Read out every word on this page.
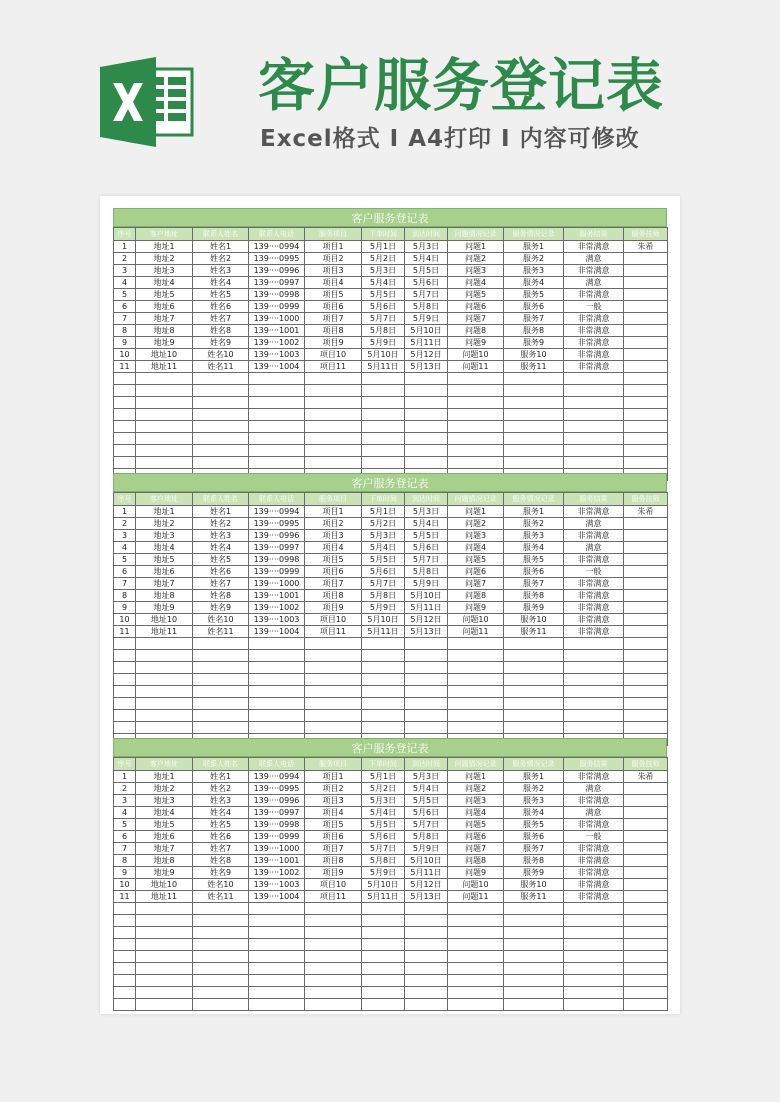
客户服务登记表
Excel格式 I A4打印 I 内容可修改
客户服务登记表
序号	客户地址	联系人姓名	联系人电话	服务项目	下单时间	到达时间	问题情况记录	服务情况记录	服务结果	服务技师
1	地址1	姓名1	139····0994	项目1	5月1日	5月3日	问题1	服务1	非常满意	朱希
2	地址2	姓名2	139····0995	项目2	5月2日	5月4日	问题2	服务2	满意	
3	地址3	姓名3	139····0996	项目3	5月3日	5月5日	问题3	服务3	非常满意	
4	地址4	姓名4	139····0997	项目4	5月4日	5月6日	问题4	服务4	满意	
5	地址5	姓名5	139····0998	项目5	5月5日	5月7日	问题5	服务5	非常满意	
6	地址6	姓名6	139····0999	项目6	5月6日	5月8日	问题6	服务6	一般	
7	地址7	姓名7	139····1000	项目7	5月7日	5月9日	问题7	服务7	非常满意	
8	地址8	姓名8	139····1001	项目8	5月8日	5月10日	问题8	服务8	非常满意	
9	地址9	姓名9	139····1002	项目9	5月9日	5月11日	问题9	服务9	非常满意	
10	地址10	姓名10	139····1003	项目10	5月10日	5月12日	问题10	服务10	非常满意	
11	地址11	姓名11	139····1004	项目11	5月11日	5月13日	问题11	服务11	非常满意	

客户服务登记表
序号	客户地址	联系人姓名	联系人电话	服务项目	下单时间	到达时间	问题情况记录	服务情况记录	服务结果	服务技师
1	地址1	姓名1	139····0994	项目1	5月1日	5月3日	问题1	服务1	非常满意	朱希
2	地址2	姓名2	139····0995	项目2	5月2日	5月4日	问题2	服务2	满意	
3	地址3	姓名3	139····0996	项目3	5月3日	5月5日	问题3	服务3	非常满意	
4	地址4	姓名4	139····0997	项目4	5月4日	5月6日	问题4	服务4	满意	
5	地址5	姓名5	139····0998	项目5	5月5日	5月7日	问题5	服务5	非常满意	
6	地址6	姓名6	139····0999	项目6	5月6日	5月8日	问题6	服务6	一般	
7	地址7	姓名7	139····1000	项目7	5月7日	5月9日	问题7	服务7	非常满意	
8	地址8	姓名8	139····1001	项目8	5月8日	5月10日	问题8	服务8	非常满意	
9	地址9	姓名9	139····1002	项目9	5月9日	5月11日	问题9	服务9	非常满意	
10	地址10	姓名10	139····1003	项目10	5月10日	5月12日	问题10	服务10	非常满意	
11	地址11	姓名11	139····1004	项目11	5月11日	5月13日	问题11	服务11	非常满意	

客户服务登记表
序号	客户地址	联系人姓名	联系人电话	服务项目	下单时间	到达时间	问题情况记录	服务情况记录	服务结果	服务技师
1	地址1	姓名1	139····0994	项目1	5月1日	5月3日	问题1	服务1	非常满意	朱希
2	地址2	姓名2	139····0995	项目2	5月2日	5月4日	问题2	服务2	满意	
3	地址3	姓名3	139····0996	项目3	5月3日	5月5日	问题3	服务3	非常满意	
4	地址4	姓名4	139····0997	项目4	5月4日	5月6日	问题4	服务4	满意	
5	地址5	姓名5	139····0998	项目5	5月5日	5月7日	问题5	服务5	非常满意	
6	地址6	姓名6	139····0999	项目6	5月6日	5月8日	问题6	服务6	一般	
7	地址7	姓名7	139····1000	项目7	5月7日	5月9日	问题7	服务7	非常满意	
8	地址8	姓名8	139····1001	项目8	5月8日	5月10日	问题8	服务8	非常满意	
9	地址9	姓名9	139····1002	项目9	5月9日	5月11日	问题9	服务9	非常满意	
10	地址10	姓名10	139····1003	项目10	5月10日	5月12日	问题10	服务10	非常满意	
11	地址11	姓名11	139····1004	项目11	5月11日	5月13日	问题11	服务11	非常满意	
